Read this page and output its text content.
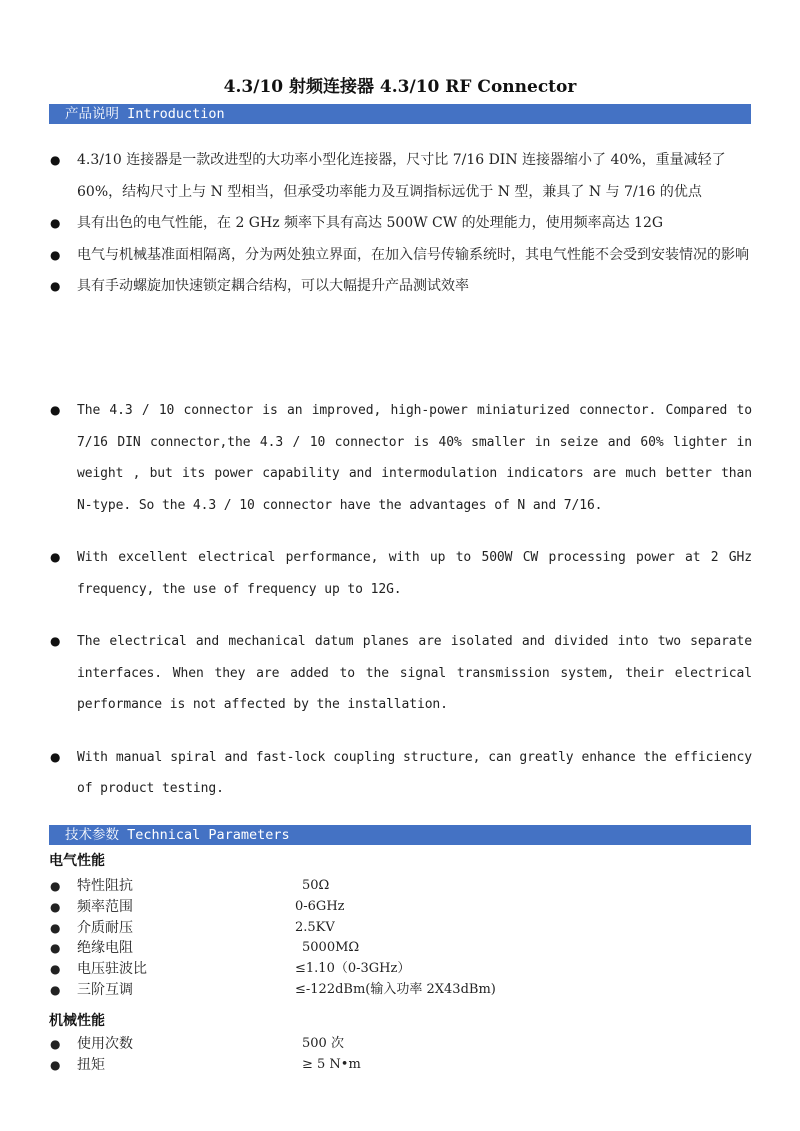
4.3/10 射频连接器 4.3/10 RF Connector
产品说明 Introduction
● 4.3/10 连接器是一款改进型的大功率小型化连接器，尺寸比 7/16 DIN 连接器缩小了 40%，重量减轻了 60%，结构尺寸上与 N 型相当，但承受功率能力及互调指标远优于 N 型，兼具了 N 与 7/16 的优点
● 具有出色的电气性能，在 2 GHz 频率下具有高达 500W CW 的处理能力，使用频率高达 12G
● 电气与机械基准面相隔离，分为两处独立界面，在加入信号传输系统时，其电气性能不会受到安装情况的影响
● 具有手动螺旋加快速锁定耦合结构，可以大幅提升产品测试效率
● The 4.3 / 10 connector is an improved, high-power miniaturized connector. Compared to 7/16 DIN connector,the 4.3 / 10 connector is 40% smaller in seize and 60% lighter in weight , but its power capability and intermodulation indicators are much better than N-type. So the 4.3 / 10 connector have the advantages of N and 7/16.
● With excellent electrical performance, with up to 500W CW processing power at 2 GHz frequency, the use of frequency up to 12G.
● The electrical and mechanical datum planes are isolated and divided into two separate interfaces. When they are added to the signal transmission system, their electrical performance is not affected by the installation.
● With manual spiral and fast-lock coupling structure, can greatly enhance the efficiency of product testing.
技术参数 Technical Parameters
电气性能
● 特性阻抗	50Ω
● 频率范围	0-6GHz
● 介质耐压	2.5KV
● 绝缘电阻	5000MΩ
● 电压驻波比	≤1.10（0-3GHz）
● 三阶互调	≤-122dBm(输入功率 2X43dBm)
机械性能
● 使用次数	500 次
● 扭矩	≥ 5 N•m
